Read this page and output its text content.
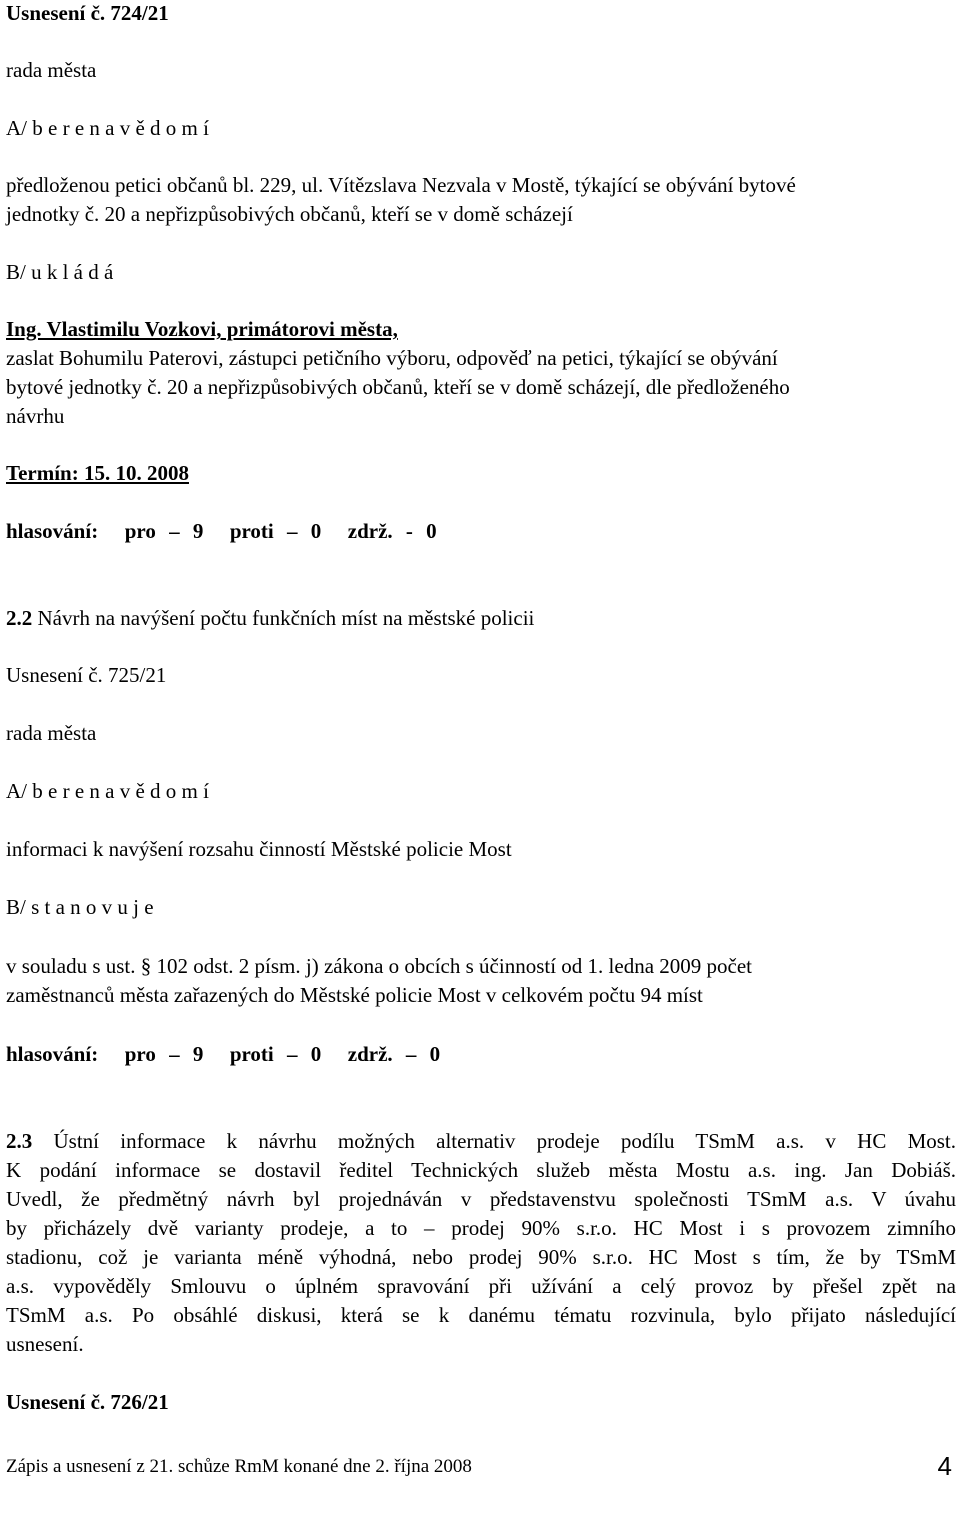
Usnesení č. 724/21
rada města
A/ b e r e n a v ě d o m í
předloženou petici občanů bl. 229, ul. Vítězslava Nezvala v Mostě, týkající se obývání bytové
jednotky č. 20 a nepřizpůsobivých občanů, kteří se v domě scházejí
B/ u k l á d á
Ing. Vlastimilu Vozkovi, primátorovi města,
zaslat Bohumilu Paterovi, zástupci petičního výboru, odpověď na petici, týkající se obývání
bytové jednotky č. 20 a nepřizpůsobivých občanů, kteří se v domě scházejí, dle předloženého
návrhu
Termín: 15. 10. 2008
hlasování:  pro – 9  proti – 0  zdrž. - 0
2.2 Návrh na navýšení počtu funkčních míst na městské policii
Usnesení č. 725/21
rada města
A/ b e r e n a v ě d o m í
informaci k navýšení rozsahu činností Městské policie Most
B/ s t a n o v u j e
v souladu s ust. § 102 odst. 2 písm. j) zákona o obcích s účinností od 1. ledna 2009 počet
zaměstnanců města zařazených do Městské policie Most v celkovém počtu 94 míst
hlasování:  pro – 9  proti – 0  zdrž. – 0
2.3 Ústní informace k návrhu možných alternativ prodeje podílu TSmM a.s. v HC Most.
K podání informace se dostavil ředitel Technických služeb města Mostu a.s. ing. Jan Dobiáš.
Uvedl, že předmětný návrh byl projednáván v představenstvu společnosti TSmM a.s. V úvahu
by přicházely dvě varianty prodeje, a to – prodej 90% s.r.o. HC Most i s provozem zimního
stadionu, což je varianta méně výhodná, nebo prodej 90% s.r.o. HC Most s tím, že by TSmM
a.s. vypověděly Smlouvu o úplném spravování při užívání a celý provoz by přešel zpět na
TSmM a.s. Po obsáhlé diskusi, která se k danému tématu rozvinula, bylo přijato následující
usnesení.
Usnesení č. 726/21
Zápis a usnesení z 21. schůze RmM konané dne 2. října 2008	4
